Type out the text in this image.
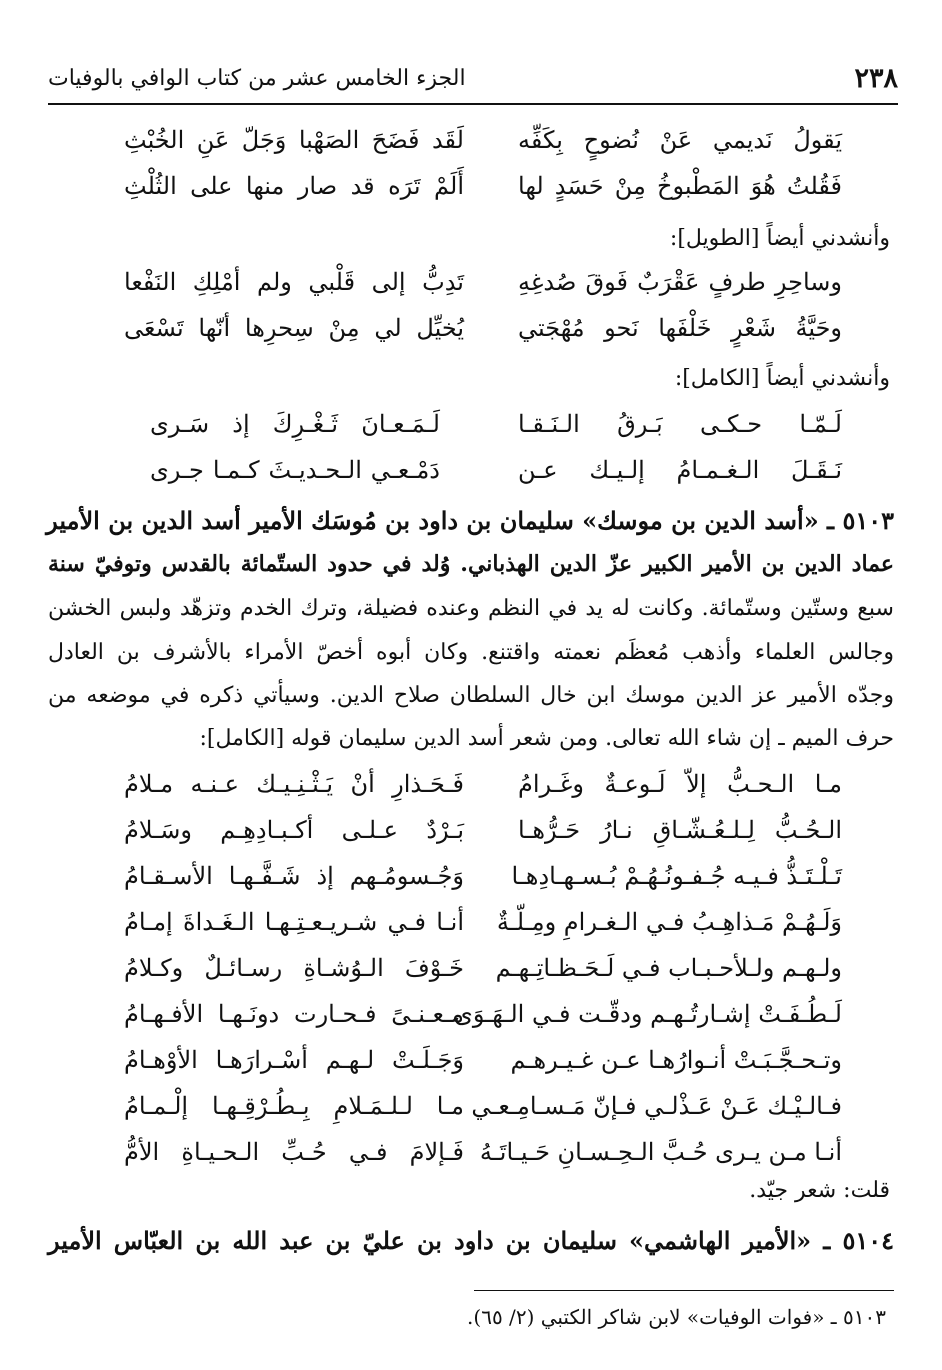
٢٣٨
الجزء الخامس عشر من كتاب الوافي بالوفيات
يَقولُ نَديمي عَنْ نُضوحٍ بِكَفِّه
لَقَد فَضَحَ الصَهْبا وَجَلّ عَنِ الخُبْثِ
فَقُلتُ هُوَ المَطْبوخُ مِنْ حَسَدٍ لها
أَلَمْ تَرَه قد صار منها على الثُلْثِ
وأنشدني أيضاً [الطويل]:
وساحِرِ طرفٍ عَقْرَبٌ فَوقَ صُدغِهِ
تَدِبُّ إلى قَلْبي ولم أمْلِكِ النَفْعا
وحَيَّةُ شَعْرٍ خَلْفَها نَحو مُهْجَتي
يُخيِّل لي مِنْ سِحرِها أنّها تَسْعَى
وأنشدني أيضاً [الكامل]:
لَـمّـا حـكـى بَـرقُ الـنَـقـا
لَـمَـعـانَ ثَـغْـرِكَ إذ سَـرى
نَـقَـلَ الـغـمـامُ إلـيـك عـن
دَمْـعـي الـحـديـثَ كـمـا جـرى
٥١٠٣ ـ «أسد الدين بن موسك» سليمان بن داود بن مُوسَك الأمير أسد الدين بن الأمير
عماد الدين بن الأمير الكبير عزّ الدين الهذباني. وُلد في حدود الستّمائة بالقدس وتوفيّ سنة
سبع وستّين وستّمائة. وكانت له يد في النظم وعنده فضيلة، وترك الخدم وتزهّد ولبس الخشن
وجالس العلماء وأذهب مُعظَم نعمته واقتنع. وكان أبوه أخصّ الأمراء بالأشرف بن العادل
وجدّه الأمير عز الدين موسك ابن خال السلطان صلاح الدين. وسيأتي ذكره في موضعه من
حرف الميم ـ إن شاء الله تعالى. ومن شعر أسد الدين سليمان قوله [الكامل]:
مـا الـحـبُّ إلاّ لَـوعـةٌ وغَـرامُ
فَـحَـذارِ أنْ يَـثْـنِـيـك عـنـه مـلامُ
الـحُـبُّ لِـلـعُـشّـاقِ نـارُ حَـرُّهـا
بَـرْدٌ عـلـى أكـبـادِهِـم وسَـلامُ
تَـلْـتَـذُّ فـيـه جُـفـونُـهُـمْ بُـسـهـادِهـا
وَجُـسومُـهم إذ شَـفَّـهـا الأسـقـامُ
وَلَـهُـمْ مَـذاهِـبُ فـي الـغـرامِ ومِـلّـةٌ
أنـا فـي شـريـعـتِـهـا الـغَـداةَ إمـامُ
ولـهـم ولـلأحـبـاب فـي لَـحَـظـاتِـهـم
خَـوْفَ الـوُشـاةِ رسـائـلٌ وكـلامُ
لَـطُـفَـتْ إشـارتُـهـم ودقّـت فـي الـهَـوَى
مـعـنـىً فـحـارت دونَـهـا الأفـهـامُ
وتـحـجَّـبَـتْ أنـوارُهـا عـن غـيـرهـم
وَجَـلَـتْ لـهـم أسْـرارَهـا الأوْهـامُ
فـالـيْـك عَـنْ عَـذْلـي فـإنّ مَـسـامِـعـي
مـا لـلـمَـلامِ بِـطُـرْقِـهـا إلْـمـامُ
أنـا مـن يـرى حُـبَّ الـحِـسـانِ حَـيـاتَـهُ
فَـإلامَ فـي حُـبِّ الـحـيـاةِ الأمُّ
قلت: شعر جيّد.
٥١٠٤ ـ «الأمير الهاشمي» سليمان بن داود بن عليّ بن عبد الله بن العبّاس الأمير
٥١٠٣ ـ «فوات الوفيات» لابن شاكر الكتبي (٢/ ٦٥).
